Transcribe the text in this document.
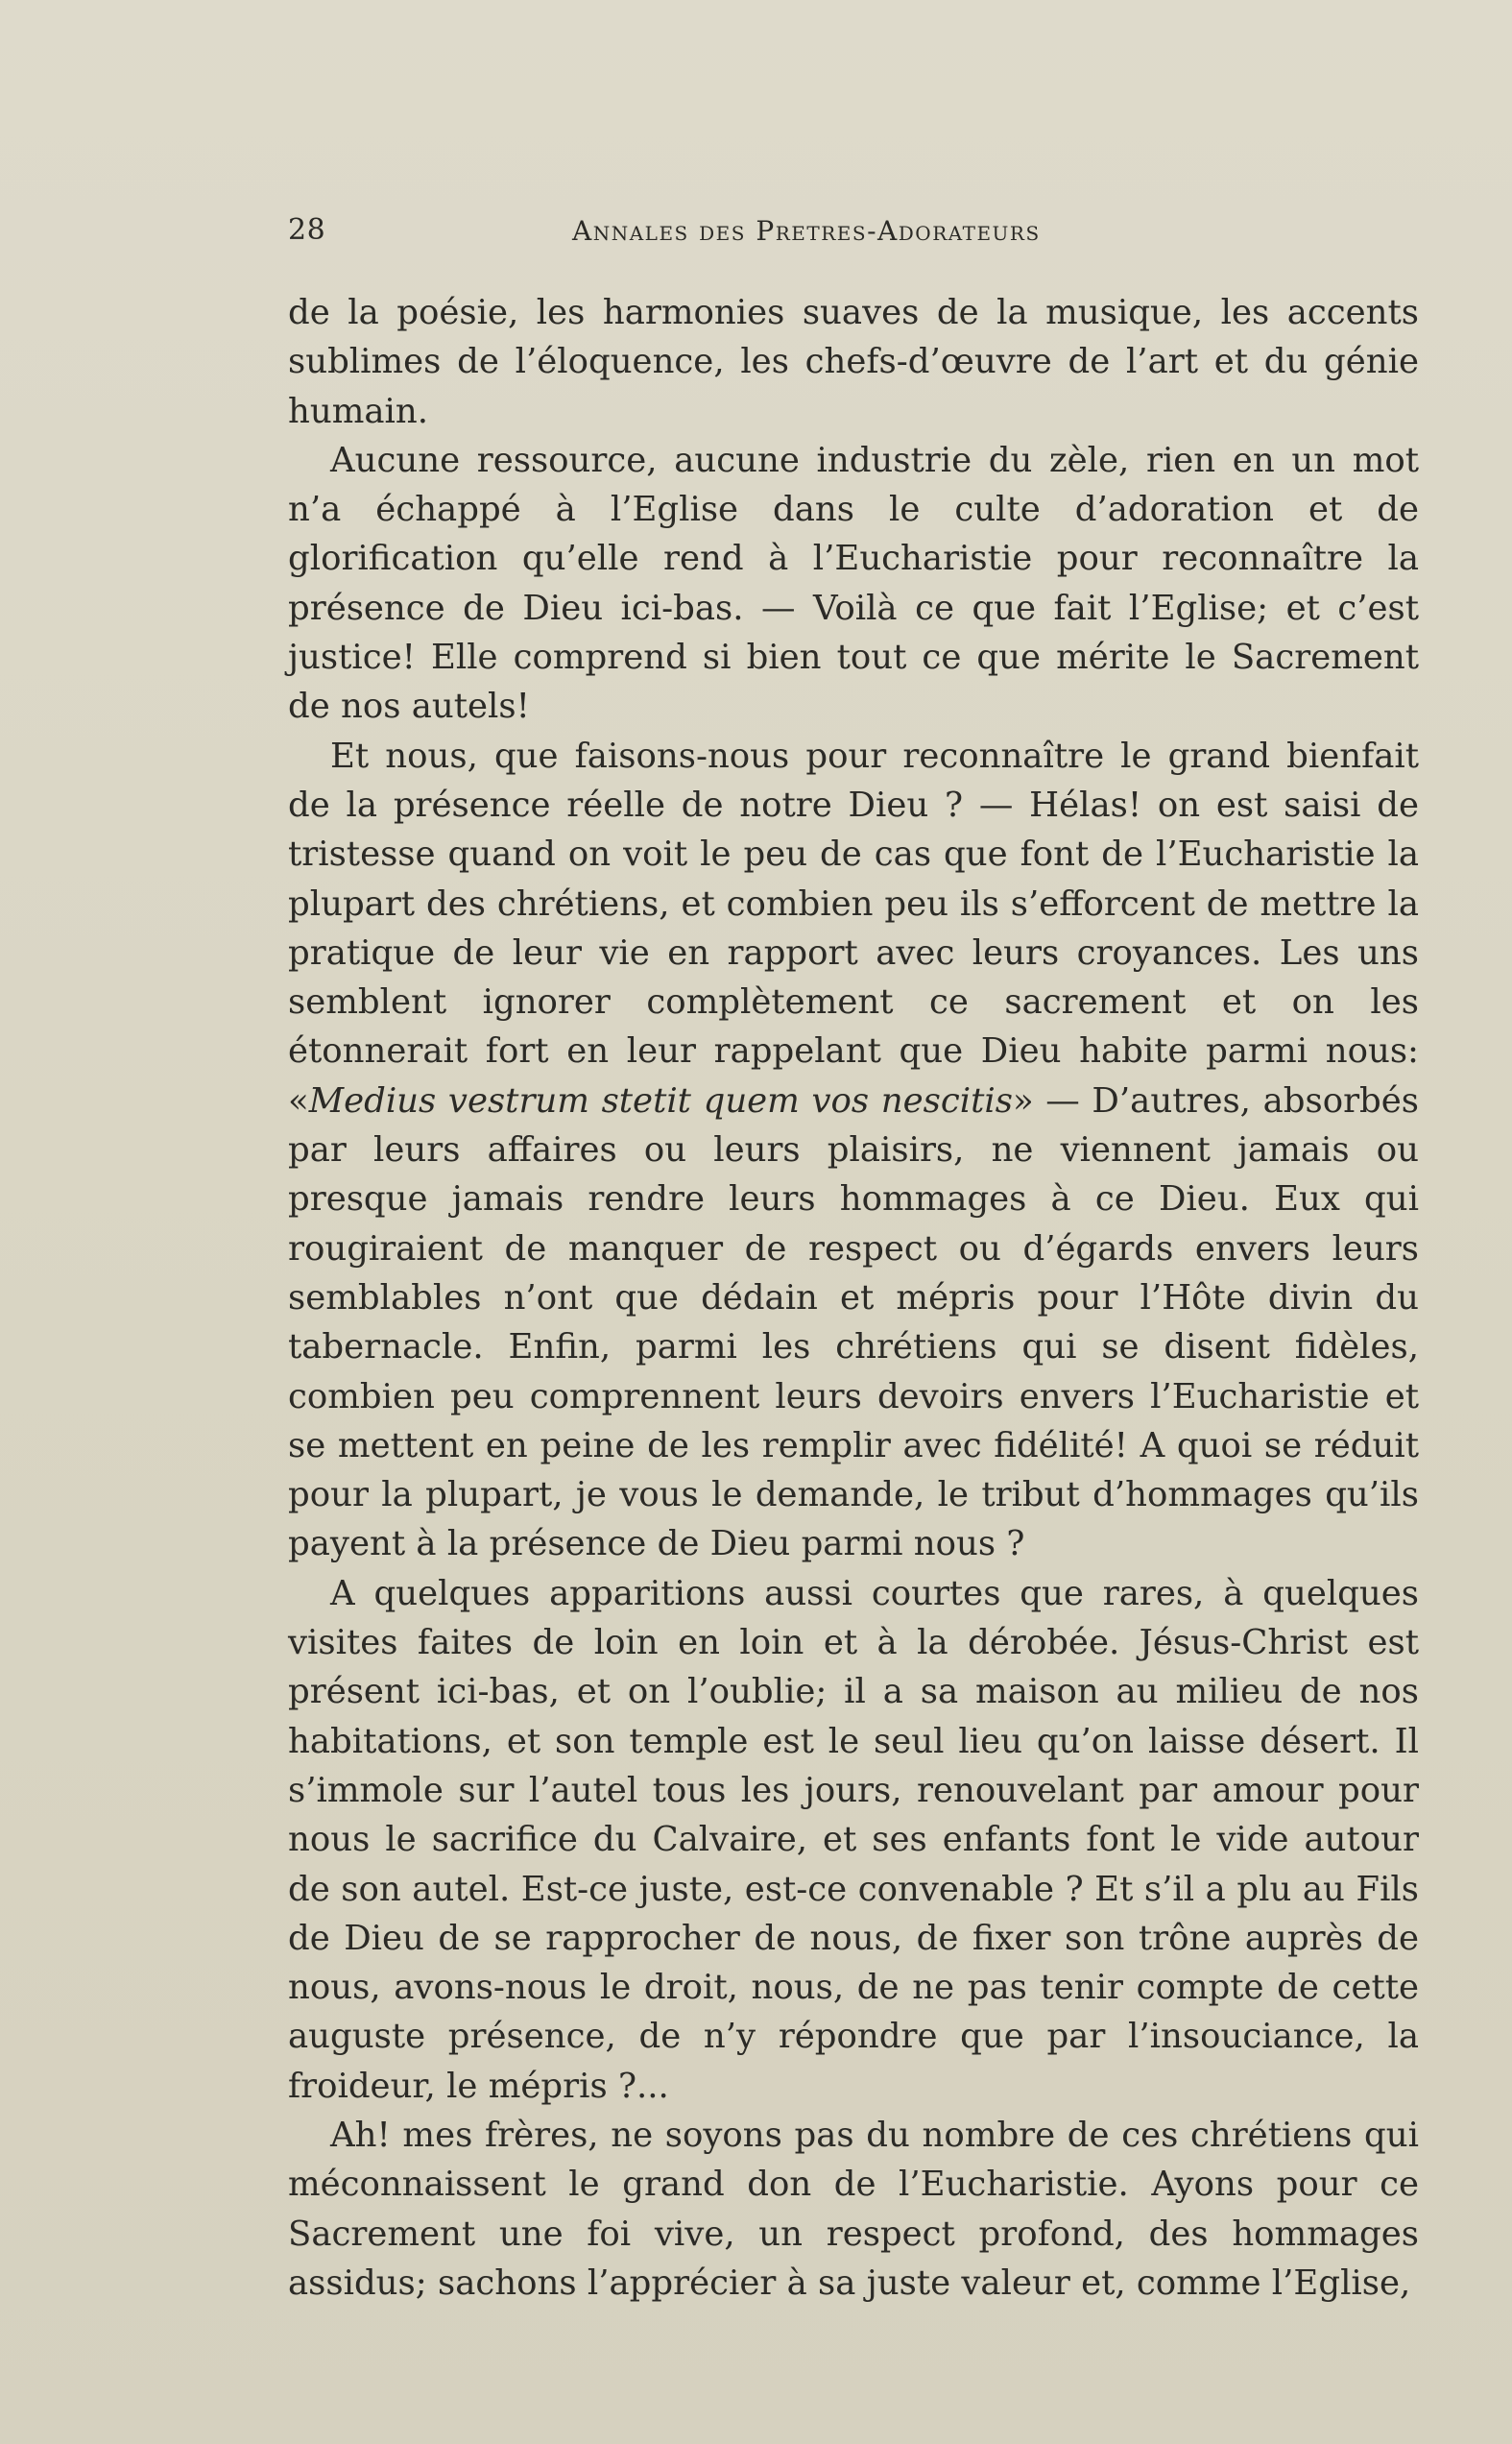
28	Annales des Pretres-Adorateurs

de la poésie, les harmonies suaves de la musique, les accents sublimes de l’éloquence, les chefs-d’œuvre de l’art et du génie humain.

Aucune ressource, aucune industrie du zèle, rien en un mot n’a échappé à l’Eglise dans le culte d’adoration et de glorification qu’elle rend à l’Eucharistie pour reconnaître la présence de Dieu ici-bas. — Voilà ce que fait l’Eglise; et c’est justice! Elle comprend si bien tout ce que mérite le Sacrement de nos autels!

Et nous, que faisons-nous pour reconnaître le grand bienfait de la présence réelle de notre Dieu ? — Hélas! on est saisi de tristesse quand on voit le peu de cas que font de l’Eucharistie la plupart des chrétiens, et combien peu ils s’efforcent de mettre la pratique de leur vie en rapport avec leurs croyances. Les uns semblent ignorer complètement ce sacrement et on les étonnerait fort en leur rappelant que Dieu habite parmi nous: «Medius vestrum stetit quem vos nescitis» — D’autres, absorbés par leurs affaires ou leurs plaisirs, ne viennent jamais ou presque jamais rendre leurs hommages à ce Dieu. Eux qui rougiraient de manquer de respect ou d’égards envers leurs semblables n’ont que dédain et mépris pour l’Hôte divin du tabernacle. Enfin, parmi les chrétiens qui se disent fidèles, combien peu comprennent leurs devoirs envers l’Eucharistie et se mettent en peine de les remplir avec fidélité! A quoi se réduit pour la plupart, je vous le demande, le tribut d’hommages qu’ils payent à la présence de Dieu parmi nous ?

A quelques apparitions aussi courtes que rares, à quelques visites faites de loin en loin et à la dérobée. Jésus-Christ est présent ici-bas, et on l’oublie; il a sa maison au milieu de nos habitations, et son temple est le seul lieu qu’on laisse désert. Il s’immole sur l’autel tous les jours, renouvelant par amour pour nous le sacrifice du Calvaire, et ses enfants font le vide autour de son autel. Est-ce juste, est-ce convenable ? Et s’il a plu au Fils de Dieu de se rapprocher de nous, de fixer son trône auprès de nous, avons-nous le droit, nous, de ne pas tenir compte de cette auguste présence, de n’y répondre que par l’insouciance, la froideur, le mépris ?...

Ah! mes frères, ne soyons pas du nombre de ces chrétiens qui méconnaissent le grand don de l’Eucharistie. Ayons pour ce Sacrement une foi vive, un respect profond, des hommages assidus; sachons l’apprécier à sa juste valeur et, comme l’Eglise,
